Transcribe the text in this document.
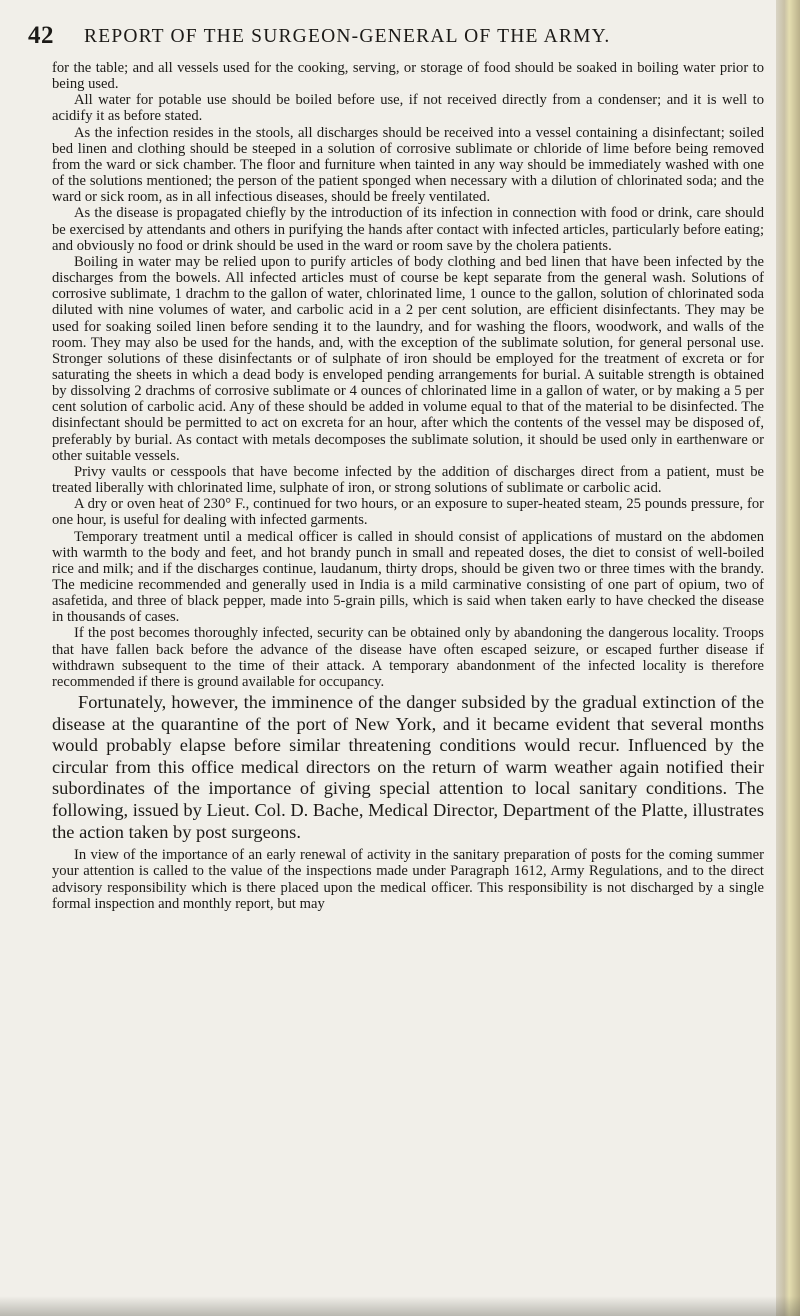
42 REPORT OF THE SURGEON-GENERAL OF THE ARMY.

for the table; and all vessels used for the cooking, serving, or storage of food should be soaked in boiling water prior to being used.

All water for potable use should be boiled before use, if not received directly from a condenser; and it is well to acidify it as before stated.

As the infection resides in the stools, all discharges should be received into a vessel containing a disinfectant; soiled bed linen and clothing should be steeped in a solution of corrosive sublimate or chloride of lime before being removed from the ward or sick chamber. The floor and furniture when tainted in any way should be immediately washed with one of the solutions mentioned; the person of the patient sponged when necessary with a dilution of chlorinated soda; and the ward or sick room, as in all infectious diseases, should be freely ventilated.

As the disease is propagated chiefly by the introduction of its infection in connection with food or drink, care should be exercised by attendants and others in purifying the hands after contact with infected articles, particularly before eating; and obviously no food or drink should be used in the ward or room save by the cholera patients.

Boiling in water may be relied upon to purify articles of body clothing and bed linen that have been infected by the discharges from the bowels. All infected articles must of course be kept separate from the general wash. Solutions of corrosive sublimate, 1 drachm to the gallon of water, chlorinated lime, 1 ounce to the gallon, solution of chlorinated soda diluted with nine volumes of water, and carbolic acid in a 2 per cent solution, are efficient disinfectants. They may be used for soaking soiled linen before sending it to the laundry, and for washing the floors, woodwork, and walls of the room. They may also be used for the hands, and, with the exception of the sublimate solution, for general personal use. Stronger solutions of these disinfectants or of sulphate of iron should be employed for the treatment of excreta or for saturating the sheets in which a dead body is enveloped pending arrangements for burial. A suitable strength is obtained by dissolving 2 drachms of corrosive sublimate or 4 ounces of chlorinated lime in a gallon of water, or by making a 5 per cent solution of carbolic acid. Any of these should be added in volume equal to that of the material to be disinfected. The disinfectant should be permitted to act on excreta for an hour, after which the contents of the vessel may be disposed of, preferably by burial. As contact with metals decomposes the sublimate solution, it should be used only in earthenware or other suitable vessels.

Privy vaults or cesspools that have become infected by the addition of discharges direct from a patient, must be treated liberally with chlorinated lime, sulphate of iron, or strong solutions of sublimate or carbolic acid.

A dry or oven heat of 230° F., continued for two hours, or an exposure to super-heated steam, 25 pounds pressure, for one hour, is useful for dealing with infected garments.

Temporary treatment until a medical officer is called in should consist of applications of mustard on the abdomen with warmth to the body and feet, and hot brandy punch in small and repeated doses, the diet to consist of well-boiled rice and milk; and if the discharges continue, laudanum, thirty drops, should be given two or three times with the brandy. The medicine recommended and generally used in India is a mild carminative consisting of one part of opium, two of asafetida, and three of black pepper, made into 5-grain pills, which is said when taken early to have checked the disease in thousands of cases.

If the post becomes thoroughly infected, security can be obtained only by abandoning the dangerous locality. Troops that have fallen back before the advance of the disease have often escaped seizure, or escaped further disease if withdrawn subsequent to the time of their attack. A temporary abandonment of the infected locality is therefore recommended if there is ground available for occupancy.

Fortunately, however, the imminence of the danger subsided by the gradual extinction of the disease at the quarantine of the port of New York, and it became evident that several months would probably elapse before similar threatening conditions would recur. Influenced by the circular from this office medical directors on the return of warm weather again notified their subordinates of the importance of giving special attention to local sanitary conditions. The following, issued by Lieut. Col. D. Bache, Medical Director, Department of the Platte, illustrates the action taken by post surgeons.

In view of the importance of an early renewal of activity in the sanitary preparation of posts for the coming summer your attention is called to the value of the inspections made under Paragraph 1612, Army Regulations, and to the direct advisory responsibility which is there placed upon the medical officer. This responsibility is not discharged by a single formal inspection and monthly report, but may
